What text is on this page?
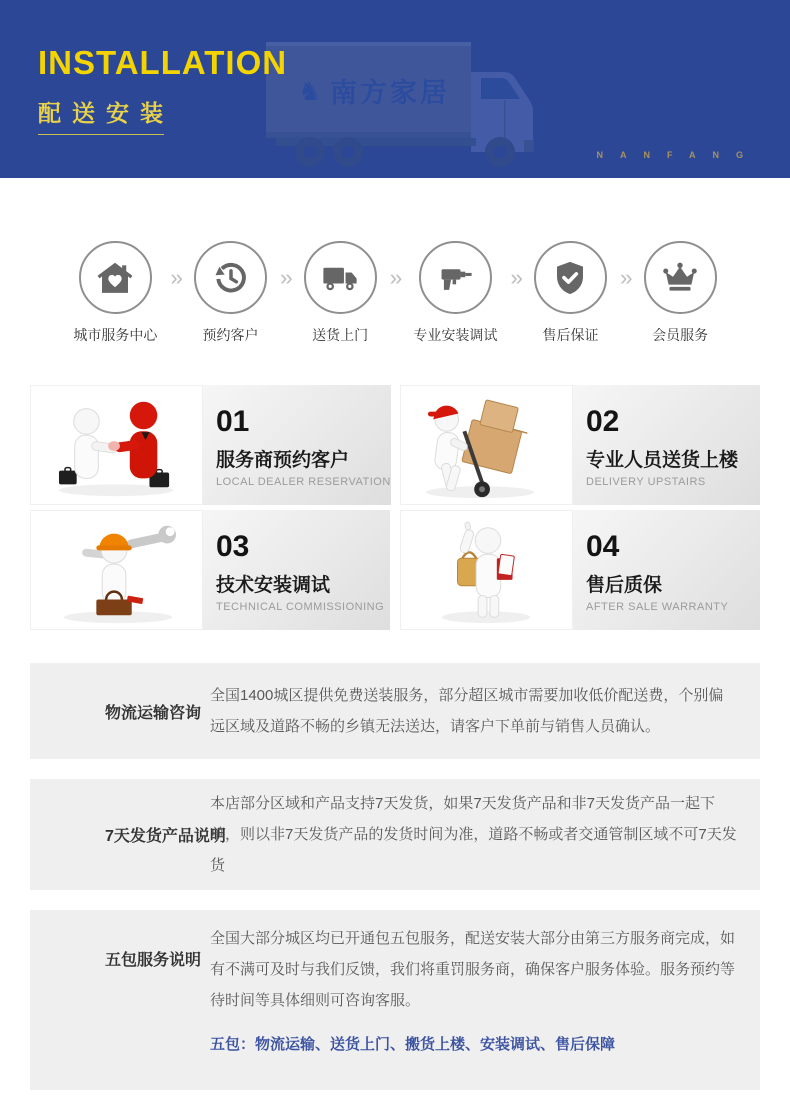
♞ 南方家居
INSTALLATION
配送安装
NANFANG
城市服务中心
››
预约客户
››
送货上门
››
专业安装调试
››
售后保证
››
会员服务
01
服务商预约客户
LOCAL DEALER RESERVATION
02
专业人员送货上楼
DELIVERY UPSTAIRS
03
技术安装调试
TECHNICAL COMMISSIONING
04
售后质保
AFTER SALE WARRANTY
物流运输咨询
全国1400城区提供免费送装服务，部分超区城市需要加收低价配送费，个别偏远区域及道路不畅的乡镇无法送达，请客户下单前与销售人员确认。
7天发货产品说明
本店部分区域和产品支持7天发货，如果7天发货产品和非7天发货产品一起下单，则以非7天发货产品的发货时间为准，道路不畅或者交通管制区域不可7天发货
五包服务说明

全国大部分城区均已开通包五包服务，配送安装大部分由第三方服务商完成，如有不满可及时与我们反馈，我们将重罚服务商，确保客户服务体验。服务预约等待时间等具体细则可咨询客服。

五包：物流运输、送货上门、搬货上楼、安装调试、售后保障
